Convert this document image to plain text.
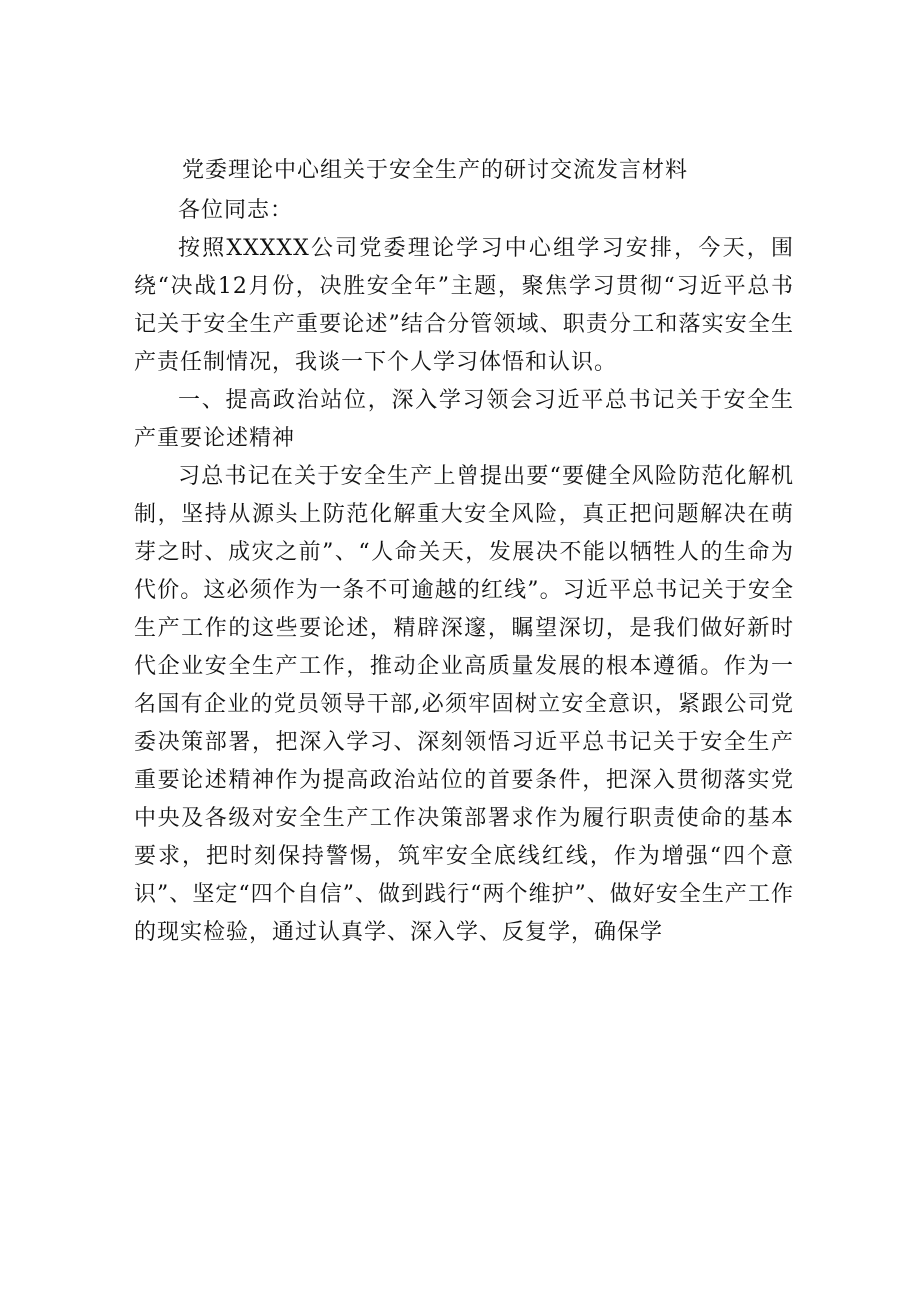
党委理论中心组关于安全生产的研讨交流发言材料

各位同志：

按照XXXXX公司党委理论学习中心组学习安排，今天，围绕“决战12月份，决胜安全年”主题，聚焦学习贯彻“习近平总书记关于安全生产重要论述”结合分管领域、职责分工和落实安全生产责任制情况，我谈一下个人学习体悟和认识。

一、提高政治站位，深入学习领会习近平总书记关于安全生产重要论述精神

习总书记在关于安全生产上曾提出要“要健全风险防范化解机制，坚持从源头上防范化解重大安全风险，真正把问题解决在萌芽之时、成灾之前”、“人命关天，发展决不能以牺牲人的生命为代价。这必须作为一条不可逾越的红线”。习近平总书记关于安全生产工作的这些要论述，精辟深邃，瞩望深切，是我们做好新时代企业安全生产工作，推动企业高质量发展的根本遵循。作为一名国有企业的党员领导干部,必须牢固树立安全意识，紧跟公司党委决策部署，把深入学习、深刻领悟习近平总书记关于安全生产重要论述精神作为提高政治站位的首要条件，把深入贯彻落实党中央及各级对安全生产工作决策部署求作为履行职责使命的基本要求，把时刻保持警惕，筑牢安全底线红线，作为增强“四个意识”、坚定“四个自信”、做到践行“两个维护”、做好安全生产工作的现实检验，通过认真学、深入学、反复学，确保学
